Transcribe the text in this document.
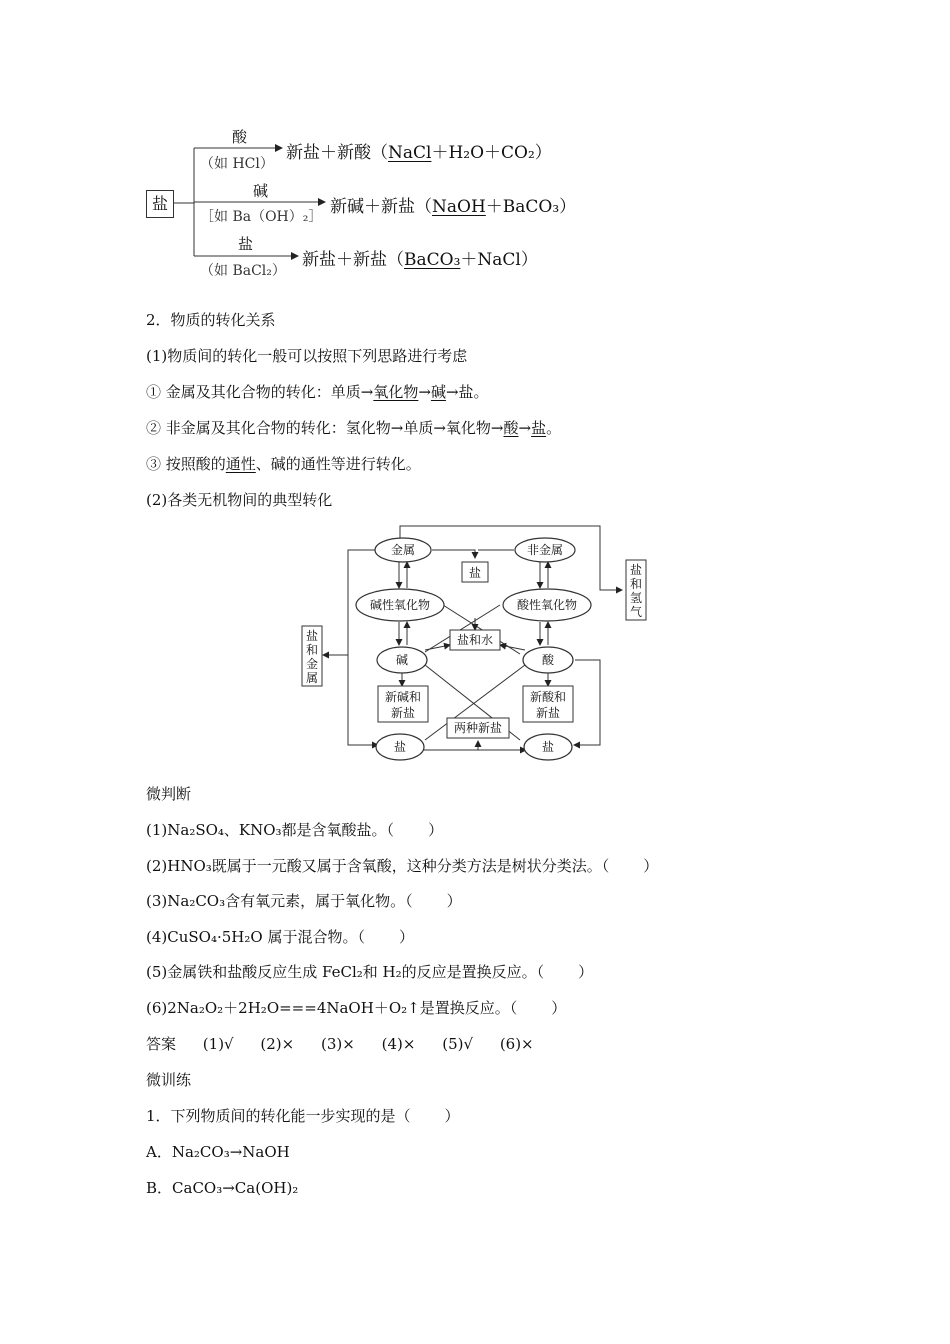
盐
酸
（如 HCl）
新盐＋新酸（NaCl＋H₂O＋CO₂）
碱
［如 Ba（OH）₂］ 新碱＋新盐（NaOH＋BaCO₃）
盐
（如 BaCl₂）
新盐＋新盐（BaCO₃＋NaCl）
2．物质的转化关系
(1)物质间的转化一般可以按照下列思路进行考虑
① 金属及其化合物的转化：单质→氧化物→碱→盐。
② 非金属及其化合物的转化：氢化物→单质→氧化物→酸→盐。
③ 按照酸的通性、碱的通性等进行转化。
(2)各类无机物间的典型转化
金属	非金属
盐
碱性氧化物	酸性氧化物
盐和水
碱	酸
新碱和
新盐
新酸和
新盐
两种新盐
盐	盐
盐
和
金
属
盐
和
氢
气
微判断
(1)Na₂SO₄、KNO₃都是含氧酸盐。（ ）
(2)HNO₃既属于一元酸又属于含氧酸，这种分类方法是树状分类法。（ ）
(3)Na₂CO₃含有氧元素，属于氧化物。（ ）
(4)CuSO₄·5H₂O 属于混合物。（ ）
(5)金属铁和盐酸反应生成 FeCl₂和 H₂的反应是置换反应。（ ）
(6)2Na₂O₂＋2H₂O===4NaOH＋O₂↑是置换反应。（ ）
答案 (1)√ (2)× (3)× (4)× (5)√ (6)×
微训练
1．下列物质间的转化能一步实现的是（ ）
A．Na₂CO₃→NaOH
B．CaCO₃→Ca(OH)₂
